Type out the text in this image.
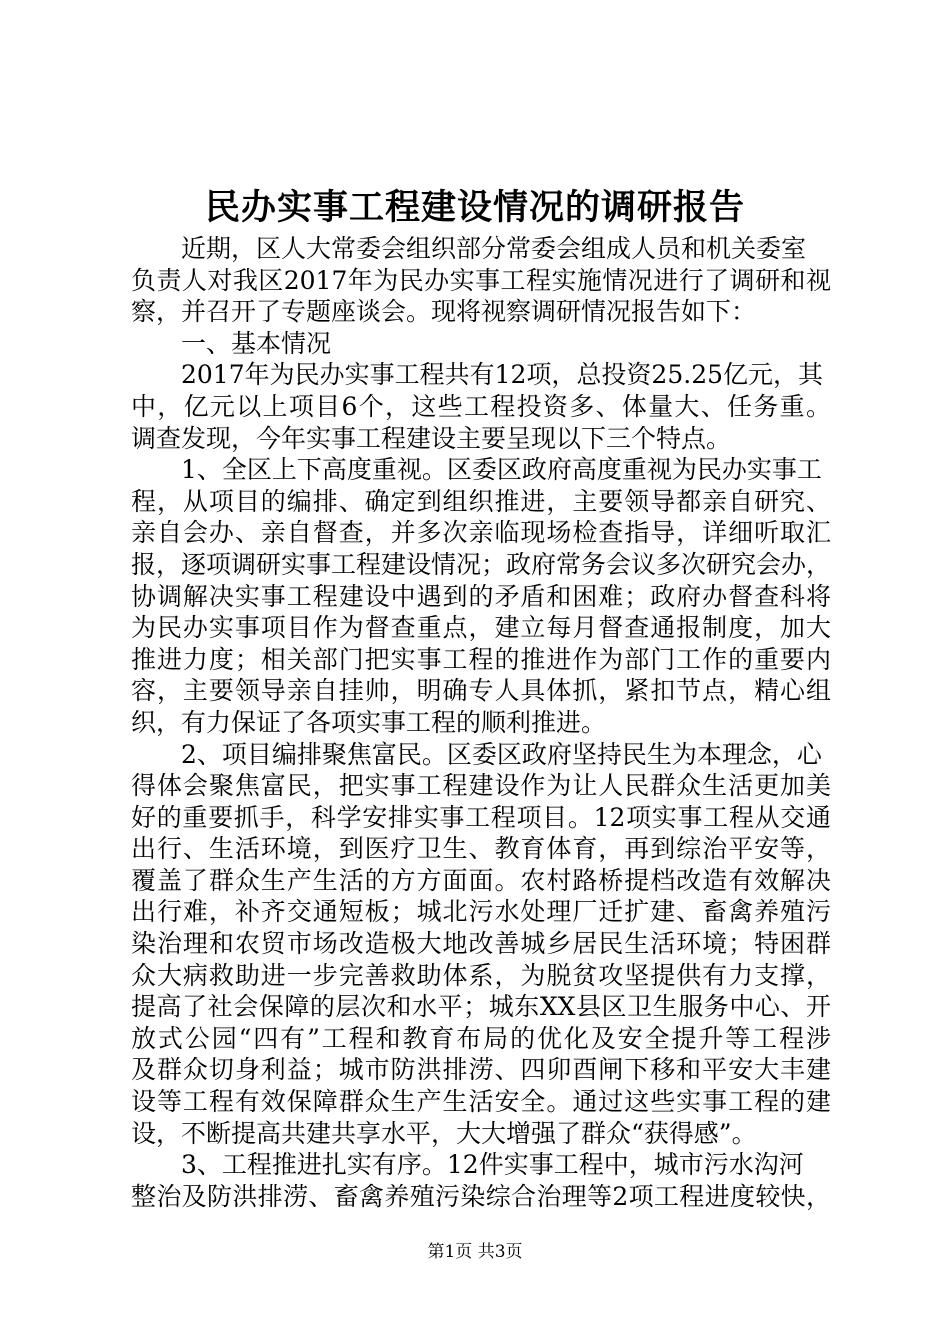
民办实事工程建设情况的调研报告
近期，区人大常委会组织部分常委会组成人员和机关委室
负责人对我区2017年为民办实事工程实施情况进行了调研和视
察，并召开了专题座谈会。现将视察调研情况报告如下：
一、基本情况
2017年为民办实事工程共有12项，总投资25.25亿元，其
中，亿元以上项目6个，这些工程投资多、体量大、任务重。
调查发现，今年实事工程建设主要呈现以下三个特点。
1、全区上下高度重视。区委区政府高度重视为民办实事工
程，从项目的编排、确定到组织推进，主要领导都亲自研究、
亲自会办、亲自督查，并多次亲临现场检查指导，详细听取汇
报，逐项调研实事工程建设情况；政府常务会议多次研究会办，
协调解决实事工程建设中遇到的矛盾和困难；政府办督查科将
为民办实事项目作为督查重点，建立每月督查通报制度，加大
推进力度；相关部门把实事工程的推进作为部门工作的重要内
容，主要领导亲自挂帅，明确专人具体抓，紧扣节点，精心组
织，有力保证了各项实事工程的顺利推进。
2、项目编排聚焦富民。区委区政府坚持民生为本理念，心
得体会聚焦富民，把实事工程建设作为让人民群众生活更加美
好的重要抓手，科学安排实事工程项目。12项实事工程从交通
出行、生活环境，到医疗卫生、教育体育，再到综治平安等，
覆盖了群众生产生活的方方面面。农村路桥提档改造有效解决
出行难，补齐交通短板；城北污水处理厂迁扩建、畜禽养殖污
染治理和农贸市场改造极大地改善城乡居民生活环境；特困群
众大病救助进一步完善救助体系，为脱贫攻坚提供有力支撑，
提高了社会保障的层次和水平；城东XX县区卫生服务中心、开
放式公园“四有”工程和教育布局的优化及安全提升等工程涉
及群众切身利益；城市防洪排涝、四卯酉闸下移和平安大丰建
设等工程有效保障群众生产生活安全。通过这些实事工程的建
设，不断提高共建共享水平，大大增强了群众“获得感”。
3、工程推进扎实有序。12件实事工程中，城市污水沟河
整治及防洪排涝、畜禽养殖污染综合治理等2项工程进度较快，
第1页 共3页
